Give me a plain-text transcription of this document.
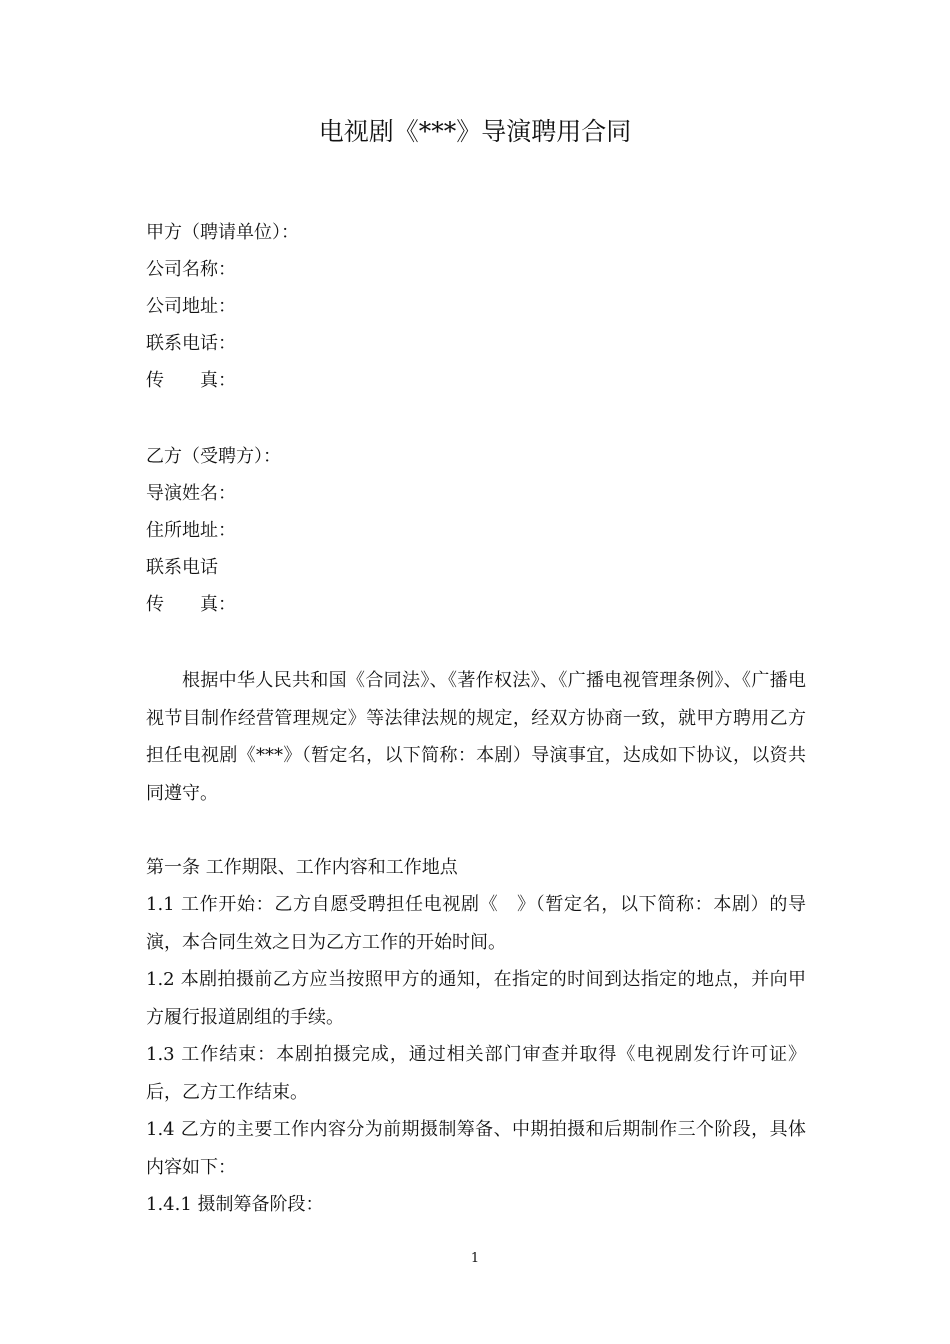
电视剧《***》导演聘用合同
甲方（聘请单位）：
公司名称：
公司地址：
联系电话：
传　　真：
乙方（受聘方）：
导演姓名：
住所地址：
联系电话
传　　真：
根据中华人民共和国《合同法》、《著作权法》、《广播电视管理条例》、《广播电视节目制作经营管理规定》等法律法规的规定，经双方协商一致，就甲方聘用乙方担任电视剧《***》（暂定名，以下简称：本剧）导演事宜，达成如下协议，以资共同遵守。
第一条 工作期限、工作内容和工作地点
1.1 工作开始：乙方自愿受聘担任电视剧《　》（暂定名，以下简称：本剧）的导演，本合同生效之日为乙方工作的开始时间。
1.2 本剧拍摄前乙方应当按照甲方的通知，在指定的时间到达指定的地点，并向甲方履行报道剧组的手续。
1.3 工作结束：本剧拍摄完成，通过相关部门审查并取得《电视剧发行许可证》后，乙方工作结束。
1.4 乙方的主要工作内容分为前期摄制筹备、中期拍摄和后期制作三个阶段，具体内容如下：
1.4.1 摄制筹备阶段：
1
